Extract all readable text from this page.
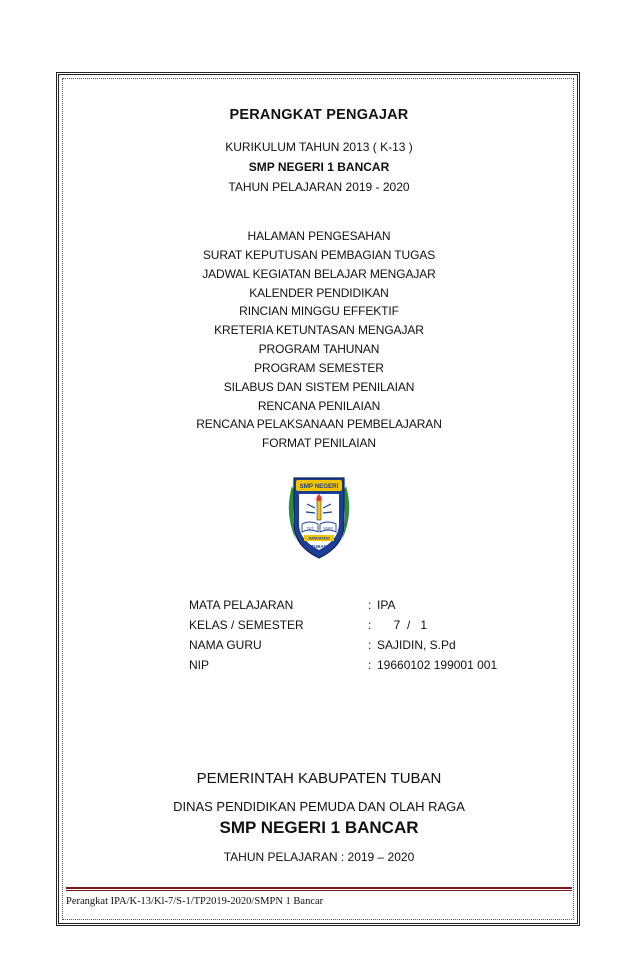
PERANGKAT PENGAJAR
KURIKULUM TAHUN 2013 ( K-13 )
SMP NEGERI 1 BANCAR
TAHUN PELAJARAN 2019 - 2020
HALAMAN PENGESAHAN
SURAT KEPUTUSAN PEMBAGIAN TUGAS
JADWAL KEGIATAN BELAJAR MENGAJAR
KALENDER PENDIDIKAN
RINCIAN MINGGU EFFEKTIF
KRETERIA KETUNTASAN MENGAJAR
PROGRAM TAHUNAN
PROGRAM SEMESTER
SILABUS DAN SISTEM PENILAIAN
RENCANA PENILAIAN
RENCANA PELAKSANAAN PEMBELAJARAN
FORMAT PENILAIAN
SMP NEGERI
TUT	WURI
HANDAYANI
TUBAN
MATA PELAJARAN	: IPA
KELAS / SEMESTER	: 7  /   1
NAMA GURU	: SAJIDIN, S.Pd
NIP	: 19660102 199001 001
PEMERINTAH KABUPATEN TUBAN
DINAS PENDIDIKAN PEMUDA DAN OLAH RAGA
SMP NEGERI 1 BANCAR
TAHUN PELAJARAN : 2019 – 2020
Perangkat IPA/K-13/Kl-7/S-1/TP2019-2020/SMPN 1 Bancar
